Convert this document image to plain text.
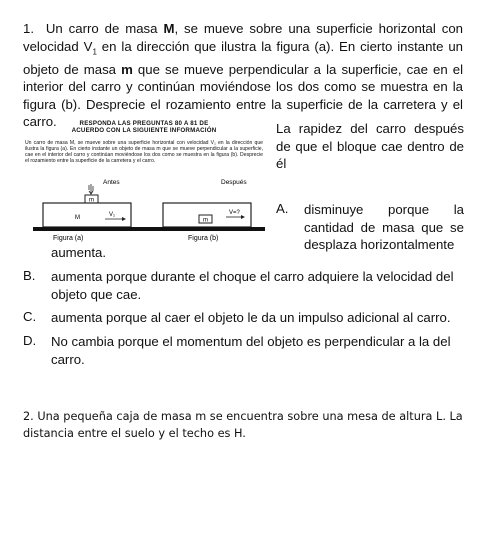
1. Un carro de masa M, se mueve sobre una superficie horizontal con velocidad $V_1$ en la dirección que ilustra la figura (a). En cierto instante un objeto de masa m que se mueve perpendicular a la superficie, cae en el interior del carro y continúan moviéndose los dos como se muestra en la figura (b). Desprecie el rozamiento entre la superficie de la carretera y el carro.	RESPONDA LAS PREGUNTAS 80 A 81 DE
ACUERDO CON LA SIGUIENTE INFORMACIÓN
Un carro de masa M, se mueve sobre una superficie horizontal con velocidad V₁ en la dirección que ilustra la figura (a). En cierto instante un objeto de masa m que se mueve perpendicular a la superficie, cae en el interior del carro y continúan moviéndose los dos como se muestra en la figura (b). Desprecie el rozamiento entre la superficie de la carretera y el carro.
Antes	Después
m
M	V₁
m
V=?
Figura (a)	Figura (b)
La rapidez del carro después de que el bloque cae dentro de él
A. disminuye porque la cantidad de masa que se desplaza horizontalmente
aumenta.
B. aumenta porque durante el choque el carro adquiere la velocidad del objeto que cae.
C. aumenta porque al caer el objeto le da un impulso adicional al carro.
D. No cambia porque el momentum del objeto es perpendicular a la del carro.
2. Una pequeña caja de masa m se encuentra sobre una mesa de altura L. La distancia entre el suelo y el techo es H.
